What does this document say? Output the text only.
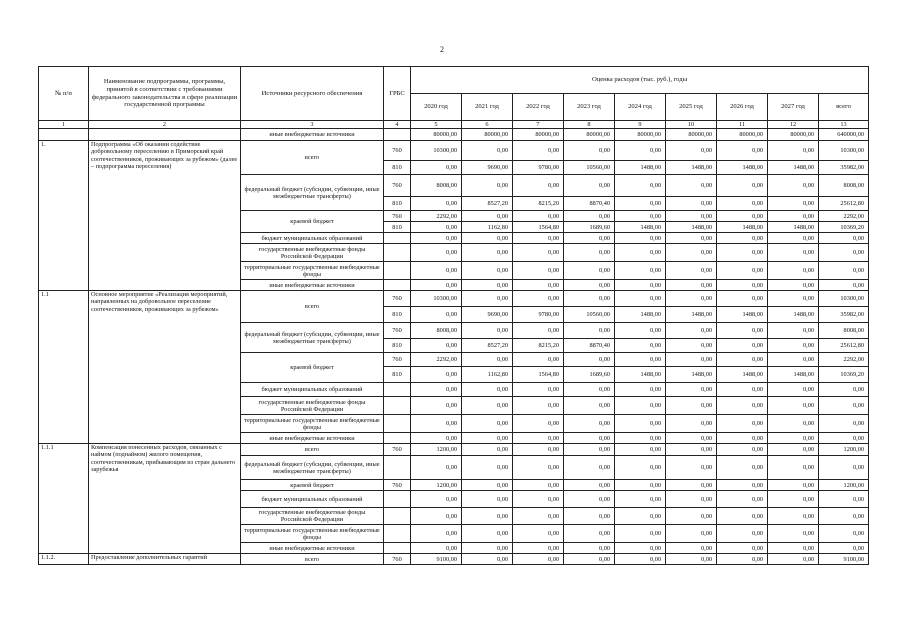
2
№ п/п	Наименование подпрограммы, программы, принятой в соответствии с требованиями федерального законодательства в сфере реализации государственной программы	Источники ресурсного обеспечения	ГРБС	Оценка расходов (тыс. руб.), годы								
				2020 год	2021 год	2022 год	2023 год	2024 год	2025 год	2026 год	2027 год	всего
1	2	3	4	5	6	7	8	9	10	11	12	13
		иные внебюджетные источники		80000,00	80000,00	80000,00	80000,00	80000,00	80000,00	80000,00	80000,00	640000,00
1.	Подпрограмма «Об оказании содействие добровольному переселению в Приморский край соотечественников, проживающих за рубежом» (далее – подпрограмма переселения)	всего	760	10300,00	0,00	0,00	0,00	0,00	0,00	0,00	0,00	10300,00
			810	0,00	9690,00	9780,00	10560,00	1488,00	1488,00	1488,00	1488,00	35982,00
		федеральный бюджет (субсидии, субвенции, иные межбюджетные трансферты)	760	8008,00	0,00	0,00	0,00	0,00	0,00	0,00	0,00	8008,00
			810	0,00	8527,20	8215,20	8870,40	0,00	0,00	0,00	0,00	25612,80
		краевой бюджет	760	2292,00	0,00	0,00	0,00	0,00	0,00	0,00	0,00	2292,00
			810	0,00	1162,80	1564,80	1689,60	1488,00	1488,00	1488,00	1488,00	10369,20
		бюджет муниципальных образований		0,00	0,00	0,00	0,00	0,00	0,00	0,00	0,00	0,00
		государственные внебюджетные фонды Российской Федерации		0,00	0,00	0,00	0,00	0,00	0,00	0,00	0,00	0,00
		территориальные государственные внебюджетные фонды		0,00	0,00	0,00	0,00	0,00	0,00	0,00	0,00	0,00
		иные внебюджетные источники		0,00	0,00	0,00	0,00	0,00	0,00	0,00	0,00	0,00
1.1	Основное мероприятие «Реализация мероприятий, направленных на добровольное переселение соотечественников, проживающих за рубежом»	всего	760	10300,00	0,00	0,00	0,00	0,00	0,00	0,00	0,00	10300,00
			810	0,00	9690,00	9780,00	10560,00	1488,00	1488,00	1488,00	1488,00	35982,00
		федеральный бюджет (субсидии, субвенции, иные межбюджетные трансферты)	760	8008,00	0,00	0,00	0,00	0,00	0,00	0,00	0,00	8008,00
			810	0,00	8527,20	8215,20	8870,40	0,00	0,00	0,00	0,00	25612,80
		краевой бюджет	760	2292,00	0,00	0,00	0,00	0,00	0,00	0,00	0,00	2292,00
			810	0,00	1162,80	1564,80	1689,60	1488,00	1488,00	1488,00	1488,00	10369,20
		бюджет муниципальных образований		0,00	0,00	0,00	0,00	0,00	0,00	0,00	0,00	0,00
		государственные внебюджетные фонды Российской Федерации		0,00	0,00	0,00	0,00	0,00	0,00	0,00	0,00	0,00
		территориальные государственные внебюджетные фонды		0,00	0,00	0,00	0,00	0,00	0,00	0,00	0,00	0,00
		иные внебюджетные источники		0,00	0,00	0,00	0,00	0,00	0,00	0,00	0,00	0,00
1.1.1	Компенсация понесенных расходов, связанных с наймом (поднаймом) жилого помещения, соотечественникам, прибывающим из стран дальнего зарубежья	всего	760	1200,00	0,00	0,00	0,00	0,00	0,00	0,00	0,00	1200,00
		федеральный бюджет (субсидии, субвенции, иные межбюджетные трансферты)		0,00	0,00	0,00	0,00	0,00	0,00	0,00	0,00	0,00
		краевой бюджет	760	1200,00	0,00	0,00	0,00	0,00	0,00	0,00	0,00	1200,00
		бюджет муниципальных образований		0,00	0,00	0,00	0,00	0,00	0,00	0,00	0,00	0,00
		государственные внебюджетные фонды Российской Федерации		0,00	0,00	0,00	0,00	0,00	0,00	0,00	0,00	0,00
		территориальные государственные внебюджетные фонды		0,00	0,00	0,00	0,00	0,00	0,00	0,00	0,00	0,00
		иные внебюджетные источники		0,00	0,00	0,00	0,00	0,00	0,00	0,00	0,00	0,00
1.1.2.	Предоставление дополнительных гарантий	всего	760	9100,00	0,00	0,00	0,00	0,00	0,00	0,00	0,00	9100,00
